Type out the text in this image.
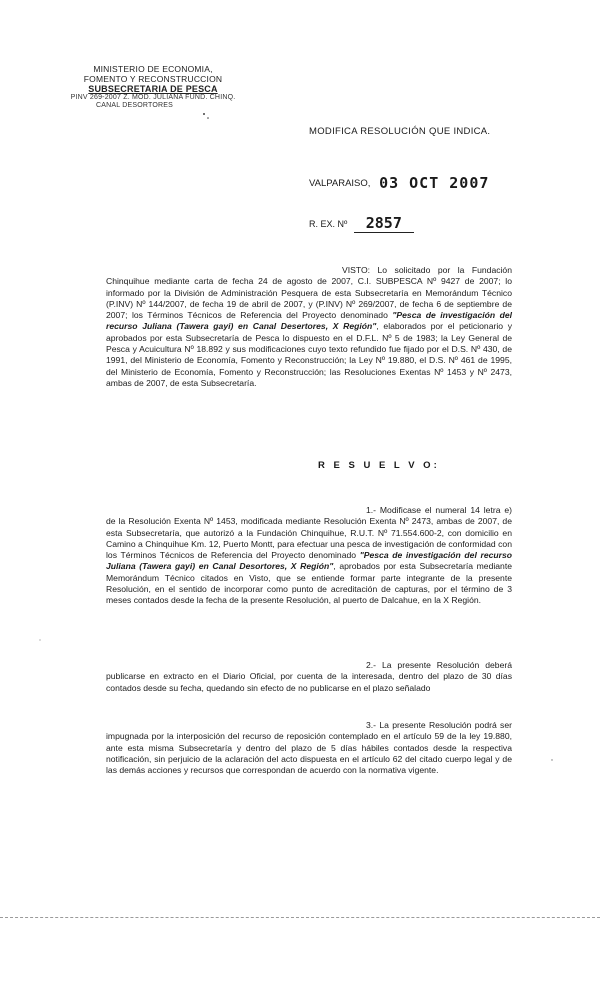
MINISTERIO DE ECONOMIA,
FOMENTO Y RECONSTRUCCION
SUBSECRETARIA DE PESCA
PINV 269-2007 Z. MOD. JULIANA FUND. CHINQ.
CANAL DESORTORES
MODIFICA RESOLUCIÓN QUE INDICA.
VALPARAISO, 03 OCT 2007
R. EX. Nº 2857
VISTO: Lo solicitado por la Fundación Chinquihue mediante carta de fecha 24 de agosto de 2007, C.I. SUBPESCA Nº 9427 de 2007; lo informado por la División de Administración Pesquera de esta Subsecretaría en Memorándum Técnico (P.INV) Nº 144/2007, de fecha 19 de abril de 2007, y (P.INV) Nº 269/2007, de fecha 6 de septiembre de 2007; los Términos Técnicos de Referencia del Proyecto denominado "Pesca de investigación del recurso Juliana (Tawera gayi) en Canal Desertores, X Región", elaborados por el peticionario y aprobados por esta Subsecretaría de Pesca lo dispuesto en el D.F.L. Nº 5 de 1983; la Ley General de Pesca y Acuicultura Nº 18.892 y sus modificaciones cuyo texto refundido fue fijado por el D.S. Nº 430, de 1991, del Ministerio de Economía, Fomento y Reconstrucción; la Ley Nº 19.880, el D.S. Nº 461 de 1995, del Ministerio de Economía, Fomento y Reconstrucción; las Resoluciones Exentas Nº 1453 y Nº 2473, ambas de 2007, de esta Subsecretaría.
R E S U E L V O:
1.- Modificase el numeral 14 letra e) de la Resolución Exenta Nº 1453, modificada mediante Resolución Exenta Nº 2473, ambas de 2007, de esta Subsecretaría, que autorizó a la Fundación Chinquihue, R.U.T. Nº 71.554.600-2, con domicilio en Camino a Chinquihue Km. 12, Puerto Montt, para efectuar una pesca de investigación de conformidad con los Términos Técnicos de Referencia del Proyecto denominado "Pesca de investigación del recurso Juliana (Tawera gayi) en Canal Desortores, X Región", aprobados por esta Subsecretaría mediante Memorándum Técnico citados en Visto, que se entiende formar parte integrante de la presente Resolución, en el sentido de incorporar como punto de acreditación de capturas, por el término de 3 meses contados desde la fecha de la presente Resolución, al puerto de Dalcahue, en la X Región.
2.- La presente Resolución deberá publicarse en extracto en el Diario Oficial, por cuenta de la interesada, dentro del plazo de 30 días contados desde su fecha, quedando sin efecto de no publicarse en el plazo señalado
3.- La presente Resolución podrá ser impugnada por la interposición del recurso de reposición contemplado en el artículo 59 de la ley 19.880, ante esta misma Subsecretaría y dentro del plazo de 5 días hábiles contados desde la respectiva notificación, sin perjuicio de la aclaración del acto dispuesta en el artículo 62 del citado cuerpo legal y de las demás acciones y recursos que correspondan de acuerdo con la normativa vigente.
